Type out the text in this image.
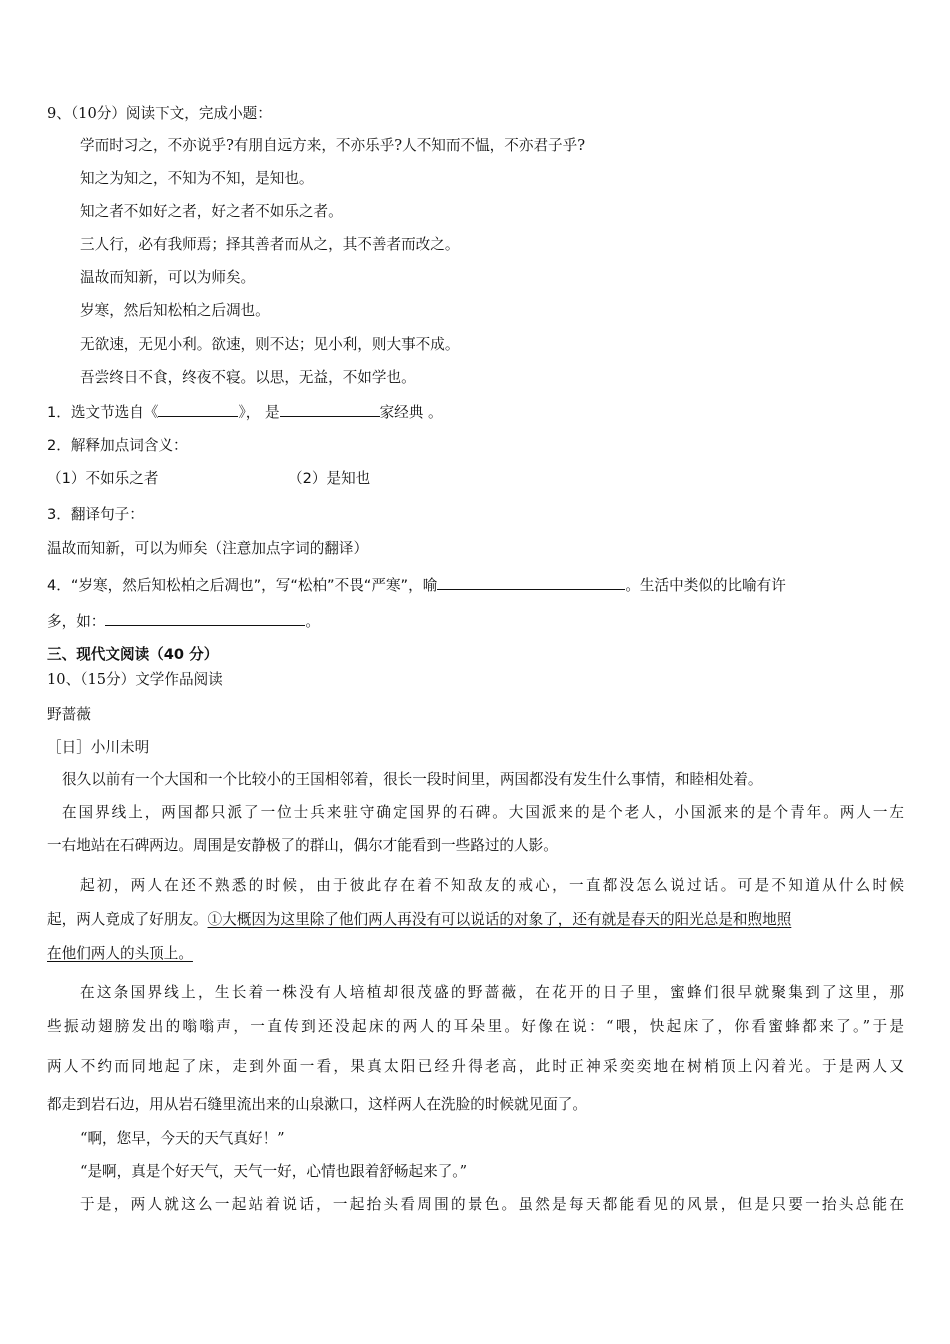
9、（10分）阅读下文，完成小题：
学而时习之，不亦说乎?有朋自远方来，不亦乐乎?人不知而不愠，不亦君子乎?
知之为知之，不知为不知，是知也。
知之者不如好之者，好之者不如乐之者。
三人行，必有我师焉；择其善者而从之，其不善者而改之。
温故而知新，可以为师矣。
岁寒，然后知松柏之后凋也。
无欲速，无见小利。欲速，则不达；见小利，则大事不成。
吾尝终日不食，终夜不寝。以思，无益，不如学也。
1．选文节选自《	》， 是	家经典 。
2．解释加点词含义：
（1）不如乐之者	（2）是知也
3．翻译句子：
温故而知新，可以为师矣（注意加点字词的翻译）
4．“岁寒，然后知松柏之后凋也”，写“松柏”不畏“严寒”，喻	。生活中类似的比喻有许
多，如：	。
三、现代文阅读（40 分）
10、（15分）文学作品阅读
野蔷薇
［日］小川未明
很久以前有一个大国和一个比较小的王国相邻着，很长一段时间里，两国都没有发生什么事情，和睦相处着。
在国界线上，两国都只派了一位士兵来驻守确定国界的石碑。大国派来的是个老人，小国派来的是个青年。两人一左
一右地站在石碑两边。周围是安静极了的群山，偶尔才能看到一些路过的人影。
起初，两人在还不熟悉的时候，由于彼此存在着不知敌友的戒心，一直都没怎么说过话。可是不知道从什么时候
起，两人竟成了好朋友。①大概因为这里除了他们两人再没有可以说话的对象了，还有就是春天的阳光总是和煦地照
在他们两人的头顶上。
在这条国界线上，生长着一株没有人培植却很茂盛的野蔷薇，在花开的日子里，蜜蜂们很早就聚集到了这里，那
些振动翅膀发出的嗡嗡声，一直传到还没起床的两人的耳朵里。好像在说：“喂，快起床了，你看蜜蜂都来了。”于是
两人不约而同地起了床，走到外面一看，果真太阳已经升得老高，此时正神采奕奕地在树梢顶上闪着光。于是两人又
都走到岩石边，用从岩石缝里流出来的山泉漱口，这样两人在洗脸的时候就见面了。
“啊，您早，今天的天气真好！”
“是啊，真是个好天气，天气一好，心情也跟着舒畅起来了。”
于是，两人就这么一起站着说话，一起抬头看周围的景色。虽然是每天都能看见的风景，但是只要一抬头总能在
